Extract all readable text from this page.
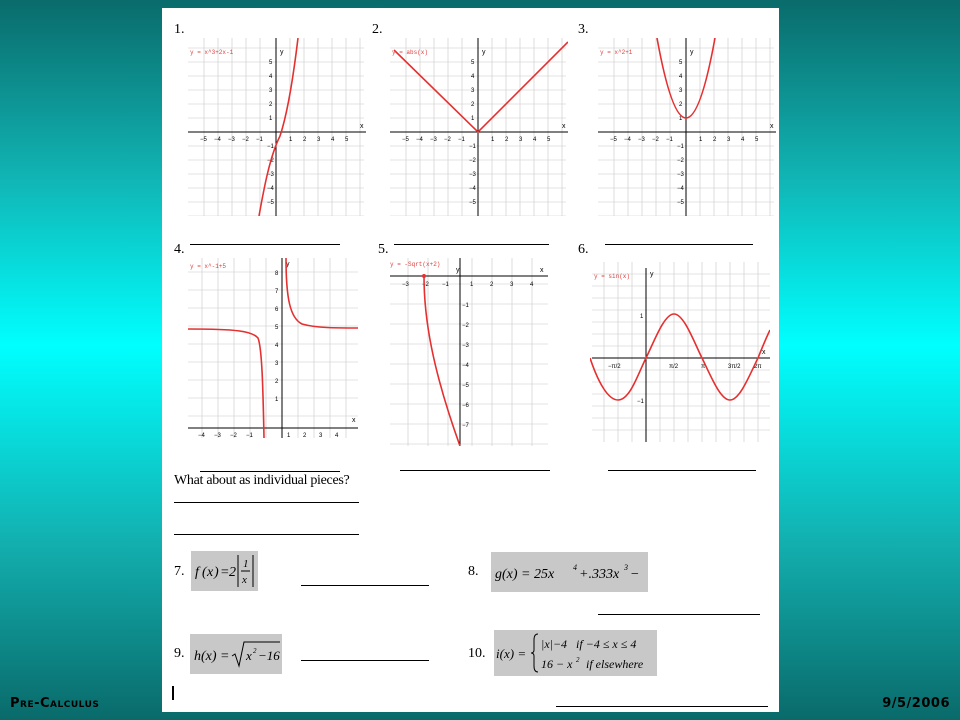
1.	2.	3.
−5 −4 −3 −2 −1	1 2 3 4 5
5
4
3
2
1
−1
−2
−3
−4
−5
y
x
y = x^3+2x-1
−5 −4 −3 −2 −1	1 2 3 4 5
5
4
3
2
1
−1
−2
−3
−4
−5
y
x
y = abs(x)
−5 −4 −3 −2 −1	1 2 3 4 5
5
4
3
2
1
−1
−2
−3
−4
−5
y
x
y = x^2+1
4.	5.	6.
−4 −3 −2 −1	1 2 3 4
8
7
6
5
4
3
2
1
y
x
y = x^-1+5
−3 −2 −1	1	2	3	4
−1
−2
−3
−4
−5
−6
−7
y	x
y = -Sqrt(x+2)
−π/2	π/2	π	3π/2 2π
1
−1
y
x
y = sin(x)
What about as individual pieces?
7. f ( x ) = 2
1
x
8. g(x) = 25x 4 +.333x 3 −
9. h(x) = x 2 −16	10. i(x) =
|x|−4   if −4 ≤ x ≤ 4
16 − x 2 if elsewhere
Pre-Calculus	9/5/2006
